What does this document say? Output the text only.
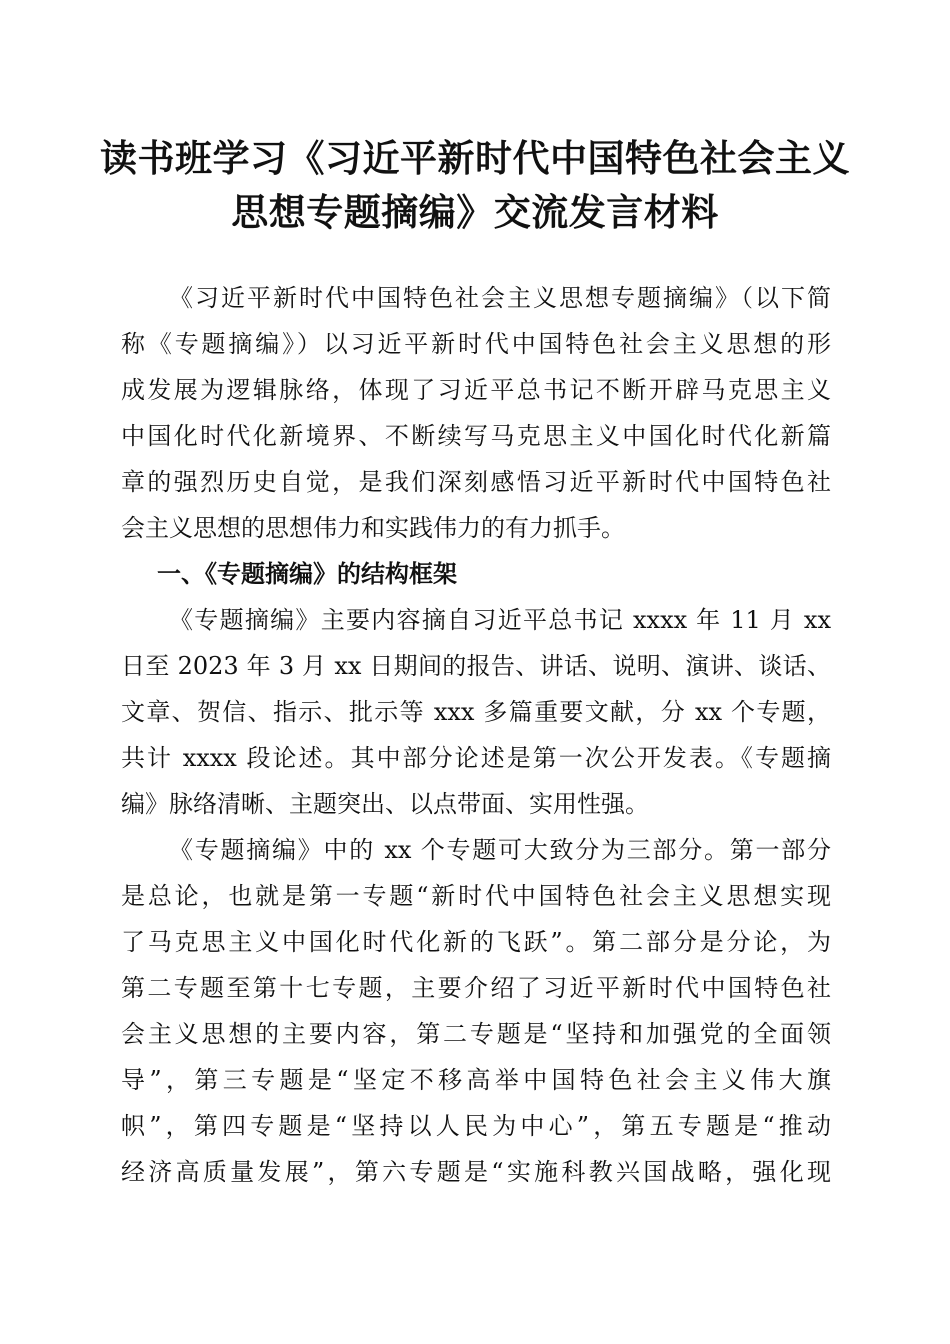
读书班学习《习近平新时代中国特色社会主义
思想专题摘编》交流发言材料
《习近平新时代中国特色社会主义思想专题摘编》（以下简
称《专题摘编》）以习近平新时代中国特色社会主义思想的形
成发展为逻辑脉络，体现了习近平总书记不断开辟马克思主义
中国化时代化新境界、不断续写马克思主义中国化时代化新篇
章的强烈历史自觉，是我们深刻感悟习近平新时代中国特色社
会主义思想的思想伟力和实践伟力的有力抓手。
一、《专题摘编》的结构框架
《专题摘编》主要内容摘自习近平总书记 xxxx 年 11 月 xx
日至 2023 年 3 月 xx 日期间的报告、讲话、说明、演讲、谈话、
文章、贺信、指示、批示等 xxx 多篇重要文献，分 xx 个专题，
共计 xxxx 段论述。其中部分论述是第一次公开发表。《专题摘
编》脉络清晰、主题突出、以点带面、实用性强。
《专题摘编》中的 xx 个专题可大致分为三部分。第一部分
是总论，也就是第一专题“新时代中国特色社会主义思想实现
了马克思主义中国化时代化新的飞跃”。第二部分是分论，为
第二专题至第十七专题，主要介绍了习近平新时代中国特色社
会主义思想的主要内容，第二专题是“坚持和加强党的全面领
导”，第三专题是“坚定不移高举中国特色社会主义伟大旗
帜”，第四专题是“坚持以人民为中心”，第五专题是“推动
经济高质量发展”，第六专题是“实施科教兴国战略，强化现
